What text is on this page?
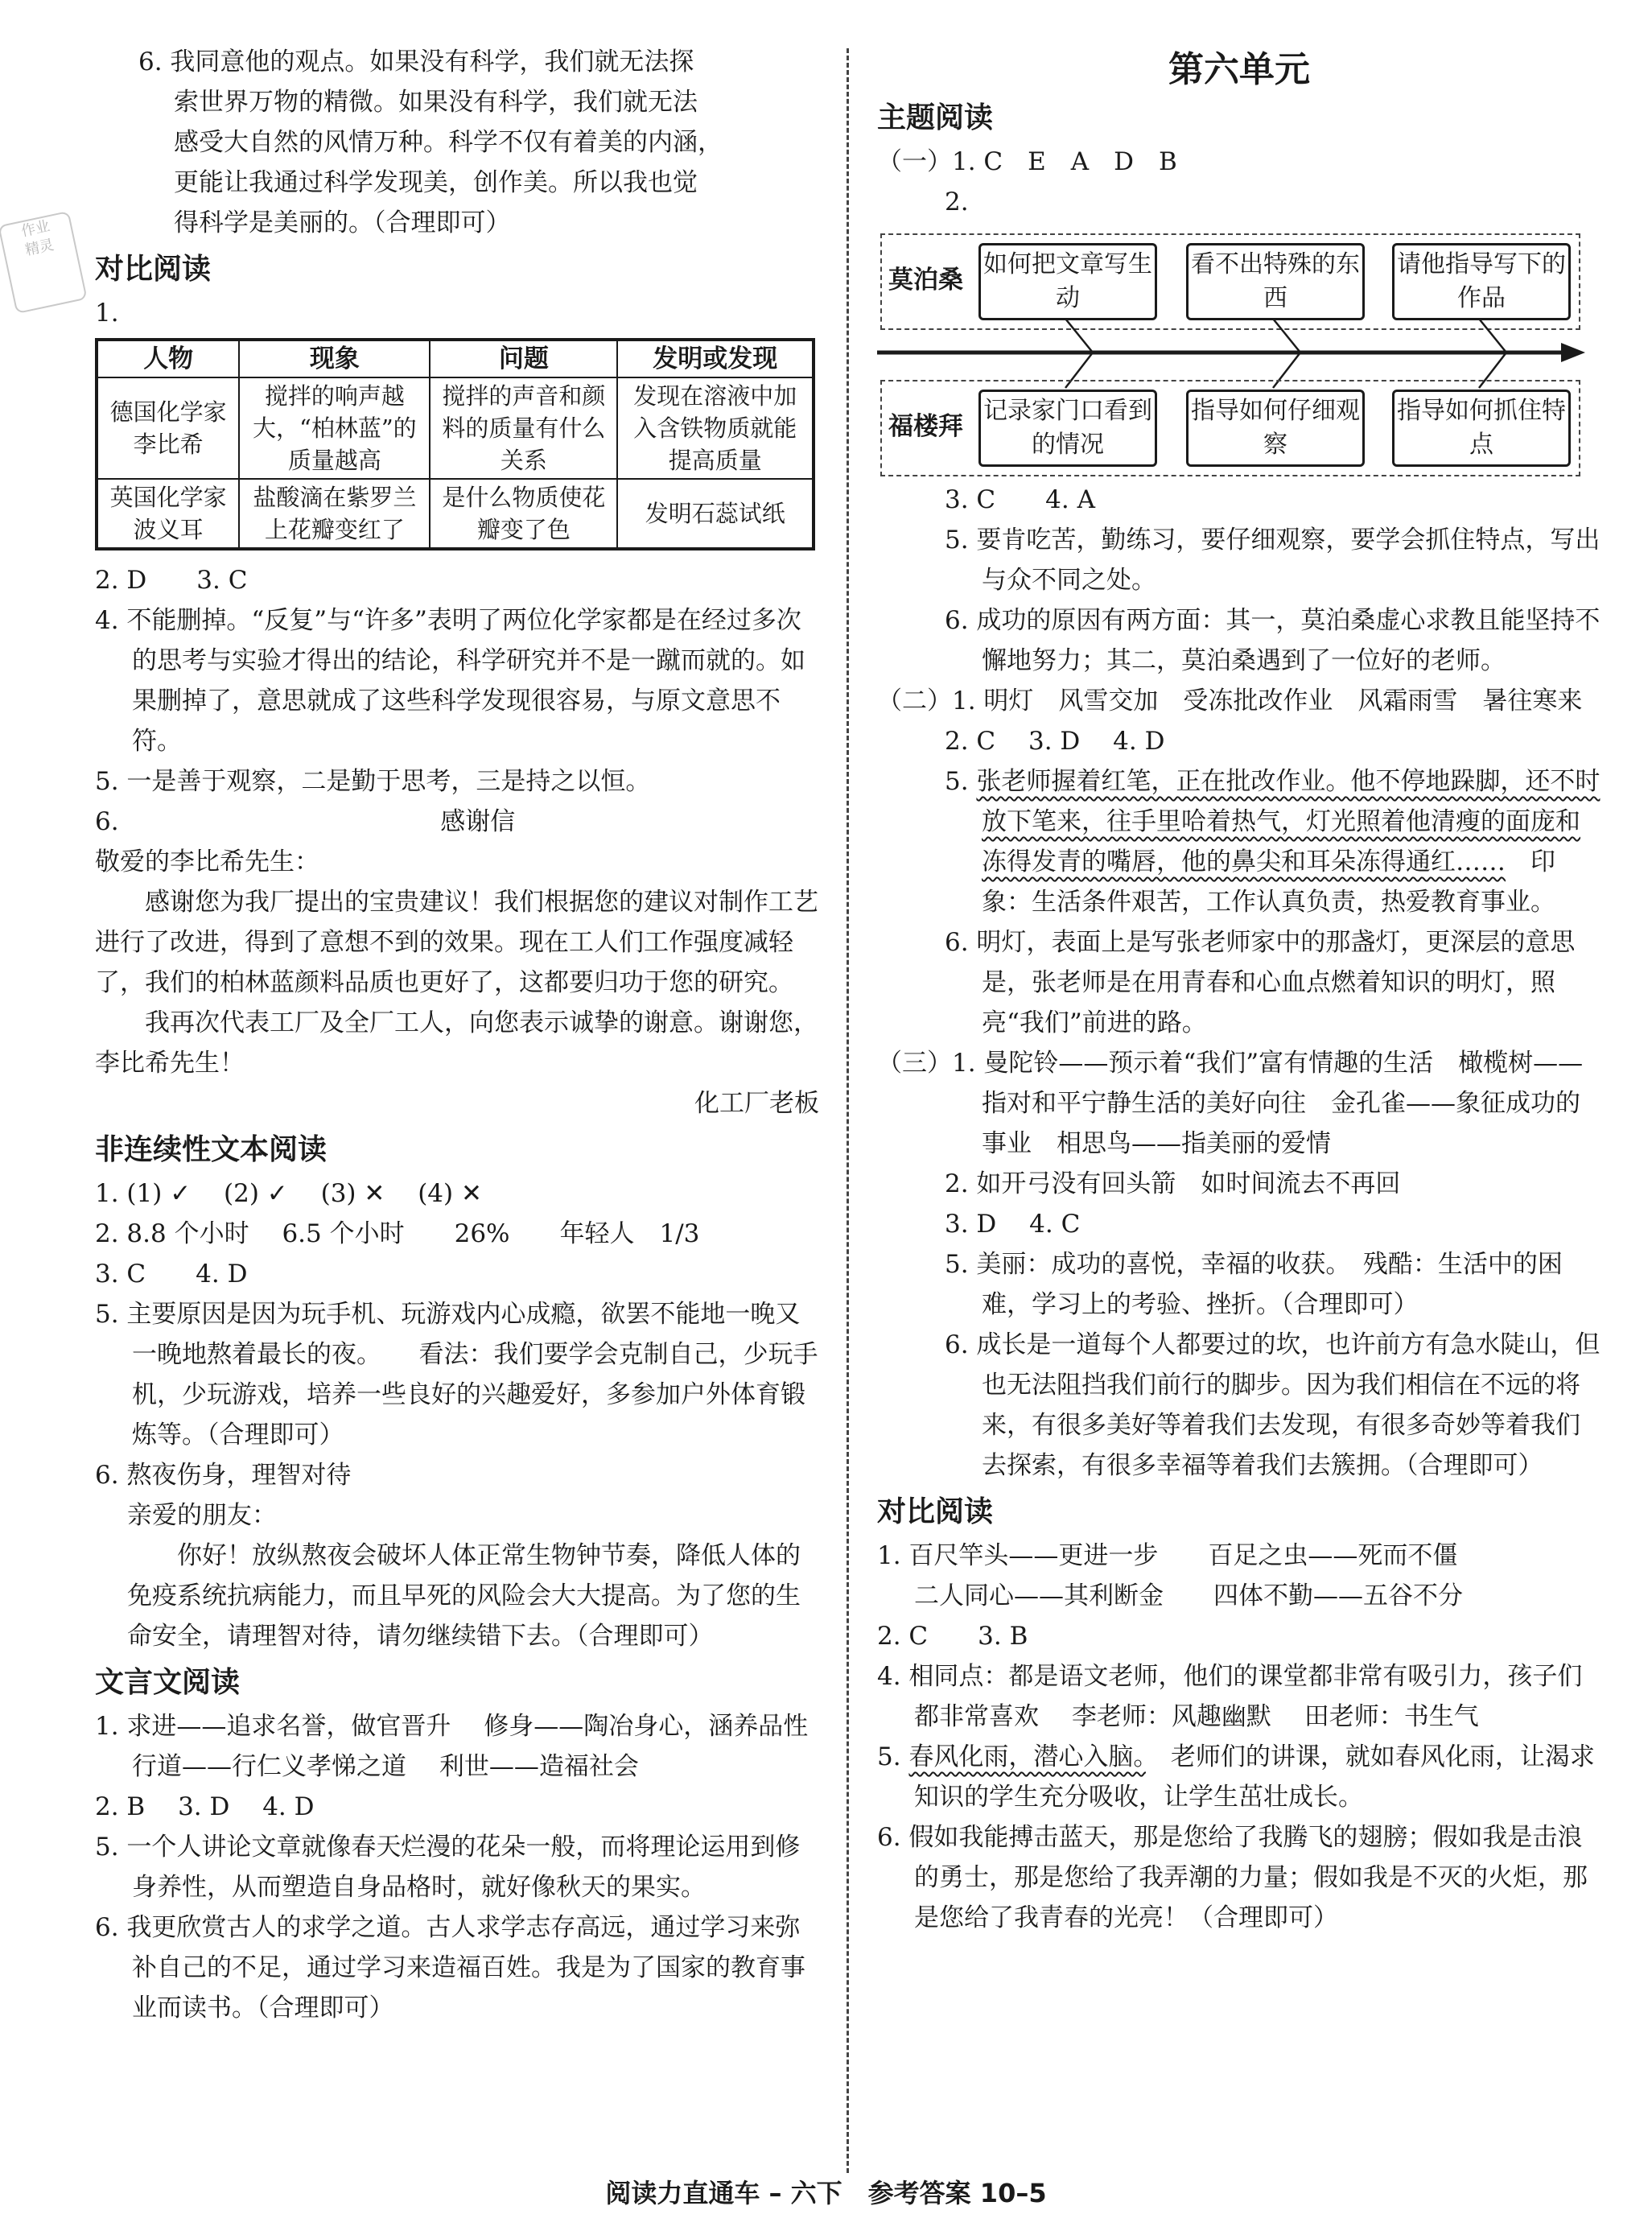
作业
精灵

6. 我同意他的观点。如果没有科学，我们就无法探

索世界万物的精微。如果没有科学，我们就无法

感受大自然的风情万种。科学不仅有着美的内涵，

更能让我通过科学发现美，创作美。所以我也觉

得科学是美丽的。（合理即可）

对比阅读

1.

人物	现象	问题	发明或发现
德国化学家李比希	搅拌的响声越大，“柏林蓝”的质量越高	搅拌的声音和颜料的质量有什么关系	发现在溶液中加入含铁物质就能提高质量
英国化学家波义耳	盐酸滴在紫罗兰上花瓣变红了	是什么物质使花瓣变了色	发明石蕊试纸

2. D　　3. C

4. 不能删掉。“反复”与“许多”表明了两位化学家都是在经过多次的思考与实验才得出的结论，科学研究并不是一蹴而就的。如果删掉了，意思就成了这些科学发现很容易，与原文意思不符。

5. 一是善于观察，二是勤于思考，三是持之以恒。

6.	感谢信

敬爱的李比希先生：

感谢您为我厂提出的宝贵建议！我们根据您的建议对制作工艺进行了改进，得到了意想不到的效果。现在工人们工作强度减轻了，我们的柏林蓝颜料品质也更好了，这都要归功于您的研究。

我再次代表工厂及全厂工人，向您表示诚挚的谢意。谢谢您，李比希先生！

化工厂老板

非连续性文本阅读

1. (1) ✓　 (2) ✓　 (3) ✕　 (4) ✕

2. 8.8 个小时　 6.5 个小时　　26%　　年轻人　1/3

3. C　　4. D

5. 主要原因是因为玩手机、玩游戏内心成瘾，欲罢不能地一晚又一晚地熬着最长的夜。　　看法：我们要学会克制自己，少玩手机，少玩游戏，培养一些良好的兴趣爱好，多参加户外体育锻炼等。（合理即可）

6. 熬夜伤身，理智对待

亲爱的朋友：

你好！放纵熬夜会破坏人体正常生物钟节奏，降低人体的免疫系统抗病能力，而且早死的风险会大大提高。为了您的生命安全，请理智对待，请勿继续错下去。（合理即可）

文言文阅读

1. 求进——追求名誉，做官晋升　 修身——陶冶身心，涵养品性　 行道——行仁义孝悌之道　 利世——造福社会

2. B　 3. D　 4. D

5. 一个人讲论文章就像春天烂漫的花朵一般，而将理论运用到修身养性，从而塑造自身品格时，就好像秋天的果实。

6. 我更欣赏古人的求学之道。古人求学志存高远，通过学习来弥补自己的不足，通过学习来造福百姓。我是为了国家的教育事业而读书。（合理即可）

第六单元
主题阅读

（一）1. C　E　A　D　B

2.

莫泊桑
如何把文章写生动
看不出特殊的东西
请他指导写下的作品
福楼拜
记录家门口看到的情况
指导如何仔细观察
指导如何抓住特点

3. C　　4. A

5. 要肯吃苦，勤练习，要仔细观察，要学会抓住特点，写出与众不同之处。

6. 成功的原因有两方面：其一，莫泊桑虚心求教且能坚持不懈地努力；其二，莫泊桑遇到了一位好的老师。

（二）1. 明灯　风雪交加　受冻批改作业　风霜雨雪　暑往寒来

2. C　 3. D　 4. D

5. 张老师握着红笔，正在批改作业。他不停地跺脚，还不时放下笔来，往手里哈着热气，灯光照着他清瘦的面庞和冻得发青的嘴唇，他的鼻尖和耳朵冻得通红……　印象：生活条件艰苦，工作认真负责，热爱教育事业。

6. 明灯，表面上是写张老师家中的那盏灯，更深层的意思是，张老师是在用青春和心血点燃着知识的明灯，照亮“我们”前进的路。

（三）1. 曼陀铃——预示着“我们”富有情趣的生活　橄榄树——指对和平宁静生活的美好向往　金孔雀——象征成功的事业　相思鸟——指美丽的爱情

2. 如开弓没有回头箭　如时间流去不再回

3. D　 4. C

5. 美丽：成功的喜悦，幸福的收获。　残酷：生活中的困难，学习上的考验、挫折。（合理即可）

6. 成长是一道每个人都要过的坎，也许前方有急水陡山，但也无法阻挡我们前行的脚步。因为我们相信在不远的将来，有很多美好等着我们去发现，有很多奇妙等着我们去探索，有很多幸福等着我们去簇拥。（合理即可）

对比阅读

1. 百尺竿头——更进一步　　百足之虫——死而不僵

二人同心——其利断金　　四体不勤——五谷不分

2. C　　3. B

4. 相同点：都是语文老师，他们的课堂都非常有吸引力，孩子们都非常喜欢　 李老师：风趣幽默　 田老师：书生气

5. 春风化雨，潜心入脑。　老师们的讲课，就如春风化雨，让渴求知识的学生充分吸收，让学生茁壮成长。

6. 假如我能搏击蓝天，那是您给了我腾飞的翅膀；假如我是击浪的勇士，那是您给了我弄潮的力量；假如我是不灭的火炬，那是您给了我青春的光亮！（合理即可）

阅读力直通车 – 六下　参考答案 10–5
